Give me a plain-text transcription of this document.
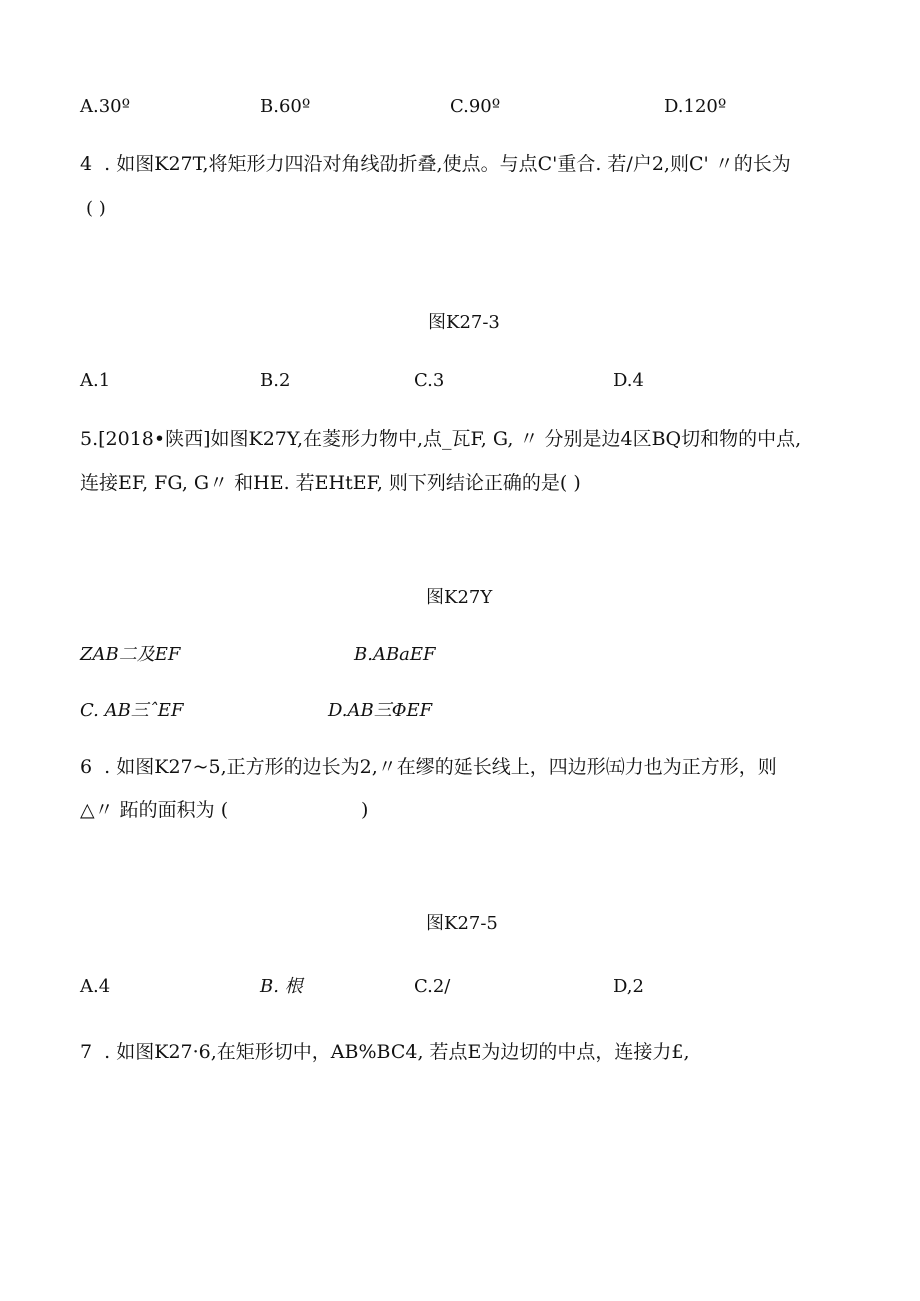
A.30º	B.60º	C.90º	D.120º
4  . 如图K27T,将矩形力四沿对角线劭折叠,使点。与点C'重合. 若/户2,则C' 〃的长为
( )
图K27-3
A.1	B.2	C.3	D.4
5.[2018•陕西]如图K27Y,在菱形力物中,点_瓦F, G, 〃 分别是边4区BQ切和物的中点,
连接EF, FG, G〃 和HE. 若EHtEF, 则下列结论正确的是( )
图K27Y
ZAB二及EF	B.ABaEF
C. AB三ˆEF	D.AB三ΦEF
6  . 如图K27~5,正方形的边长为2,〃在缪的延长线上，四边形㈤力也为正方形，则
△〃 跖的面积为 (                      )
图K27-5
A.4	B. 根	C.2/	D,2
7  . 如图K27·6,在矩形切中，AB%BC4, 若点E为边切的中点，连接力£,
